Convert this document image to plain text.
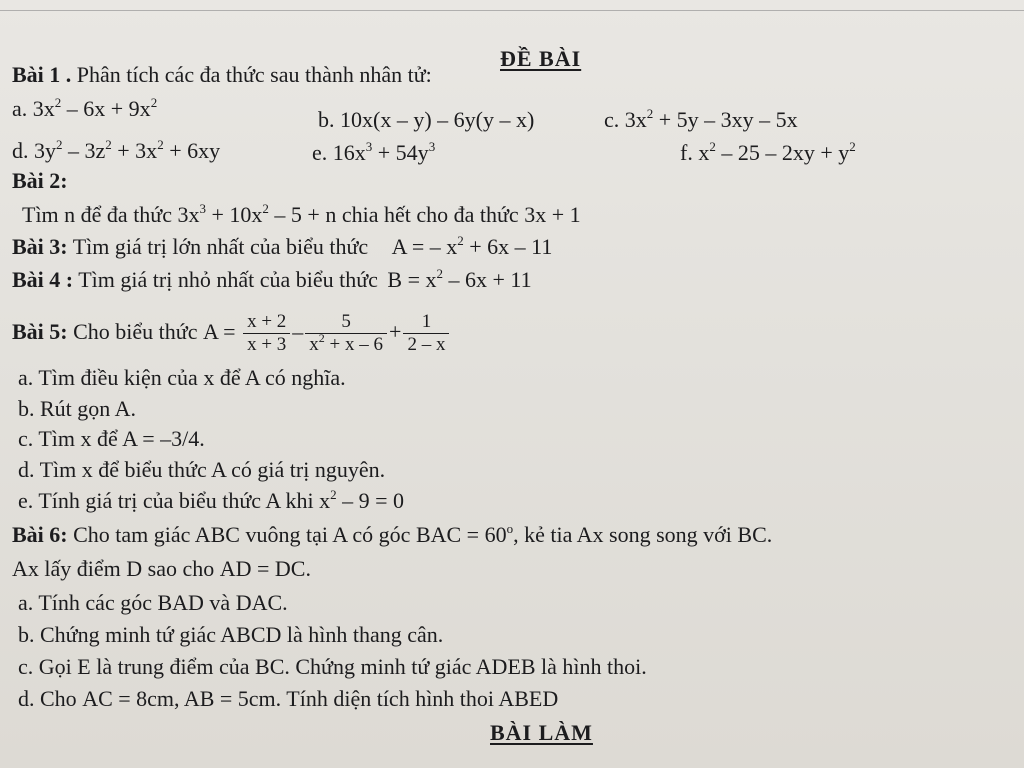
ĐỀ BÀI
Bài 1 . Phân tích các đa thức sau thành nhân tử:
a. $3x^2 - 6x + 9x^2$
b. 10x(x – y) – 6y(y – x)	c. $3x^2 + 5y - 3xy - 5x$
d. $3y^2 - 3z^2 + 3x^2 + 6xy$	e. $16x^3 + 54y^3$	f. $x^2 - 25 - 2xy + y^2$
Bài 2:
Tìm n để đa thức $3x^3 + 10x^2 - 5 + n$ chia hết cho đa thức 3x + 1
Bài 3: Tìm giá trị lớn nhất của biểu thức A = – $x^2 + 6x - 11$
Bài 4 : Tìm giá trị nhỏ nhất của biểu thức $B = x^2 - 6x + 11$
Bài 5: Cho biểu thức $A = \frac{x + 2}{x + 3} - \frac{5}{x^2 + x - 6} + \frac{1}{2 - x}$
a. Tìm điều kiện của x để A có nghĩa.
b. Rút gọn A.
c. Tìm x để A = –3/4.
d. Tìm x để biểu thức A có giá trị nguyên.
e. Tính giá trị của biểu thức A khi $x^2 - 9 = 0$
Bài 6: Cho tam giác ABC vuông tại A có góc BAC = $60^o$, kẻ tia Ax song song với BC.
Ax lấy điểm D sao cho AD = DC.
a. Tính các góc BAD và DAC.
b. Chứng minh tứ giác ABCD là hình thang cân.
c. Gọi E là trung điểm của BC. Chứng minh tứ giác ADEB là hình thoi.
d. Cho AC = 8cm, AB = 5cm. Tính diện tích hình thoi ABED
BÀI LÀM
